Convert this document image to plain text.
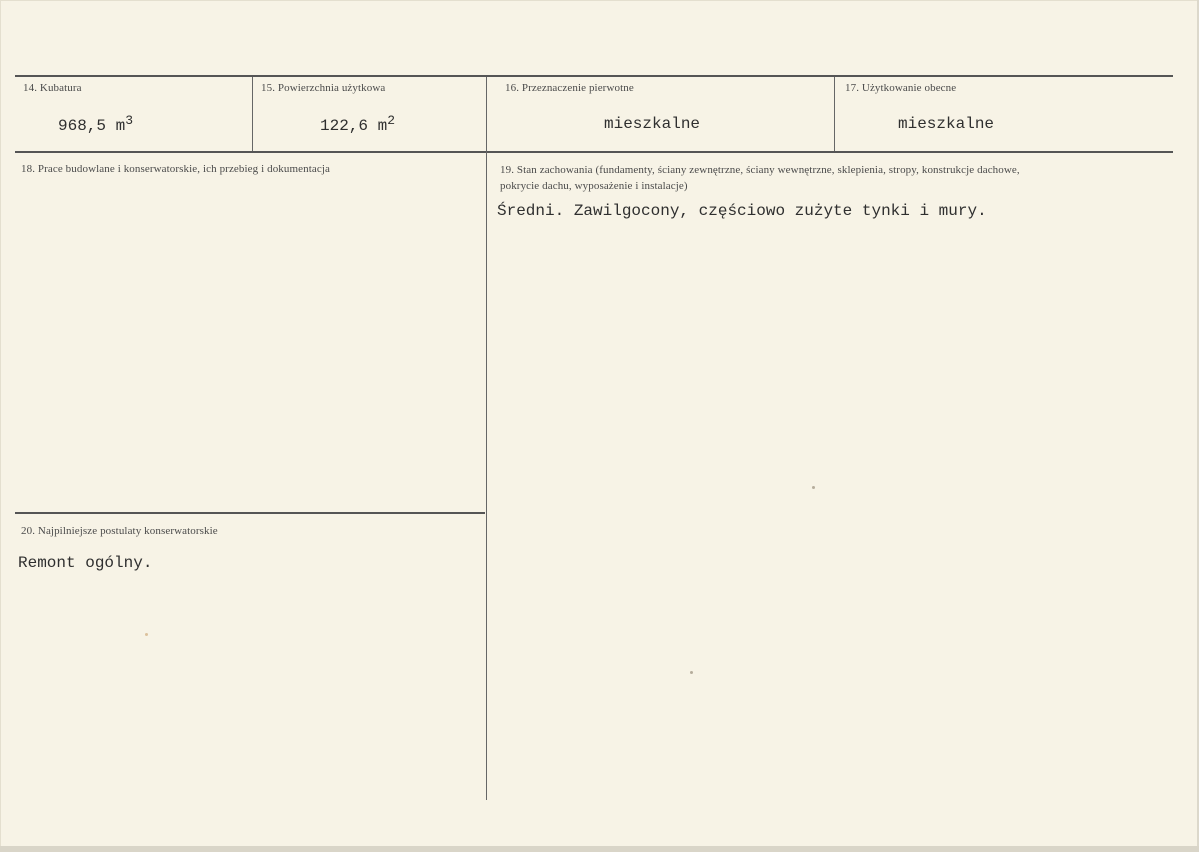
14. Kubatura
968,5 $m^3$
15. Powierzchnia użytkowa
122,6 $m^2$
16. Przeznaczenie pierwotne
mieszkalne
17. Użytkowanie obecne
mieszkalne
18. Prace budowlane i konserwatorskie, ich przebieg i dokumentacja	19. Stan zachowania (fundamenty, ściany zewnętrzne, ściany wewnętrzne, sklepienia, stropy, konstrukcje dachowe, pokrycie dachu, wyposażenie i instalacje)
Średni. Zawilgocony, częściowo zużyte tynki i mury.
20. Najpilniejsze postulaty konserwatorskie
Remont ogólny.
